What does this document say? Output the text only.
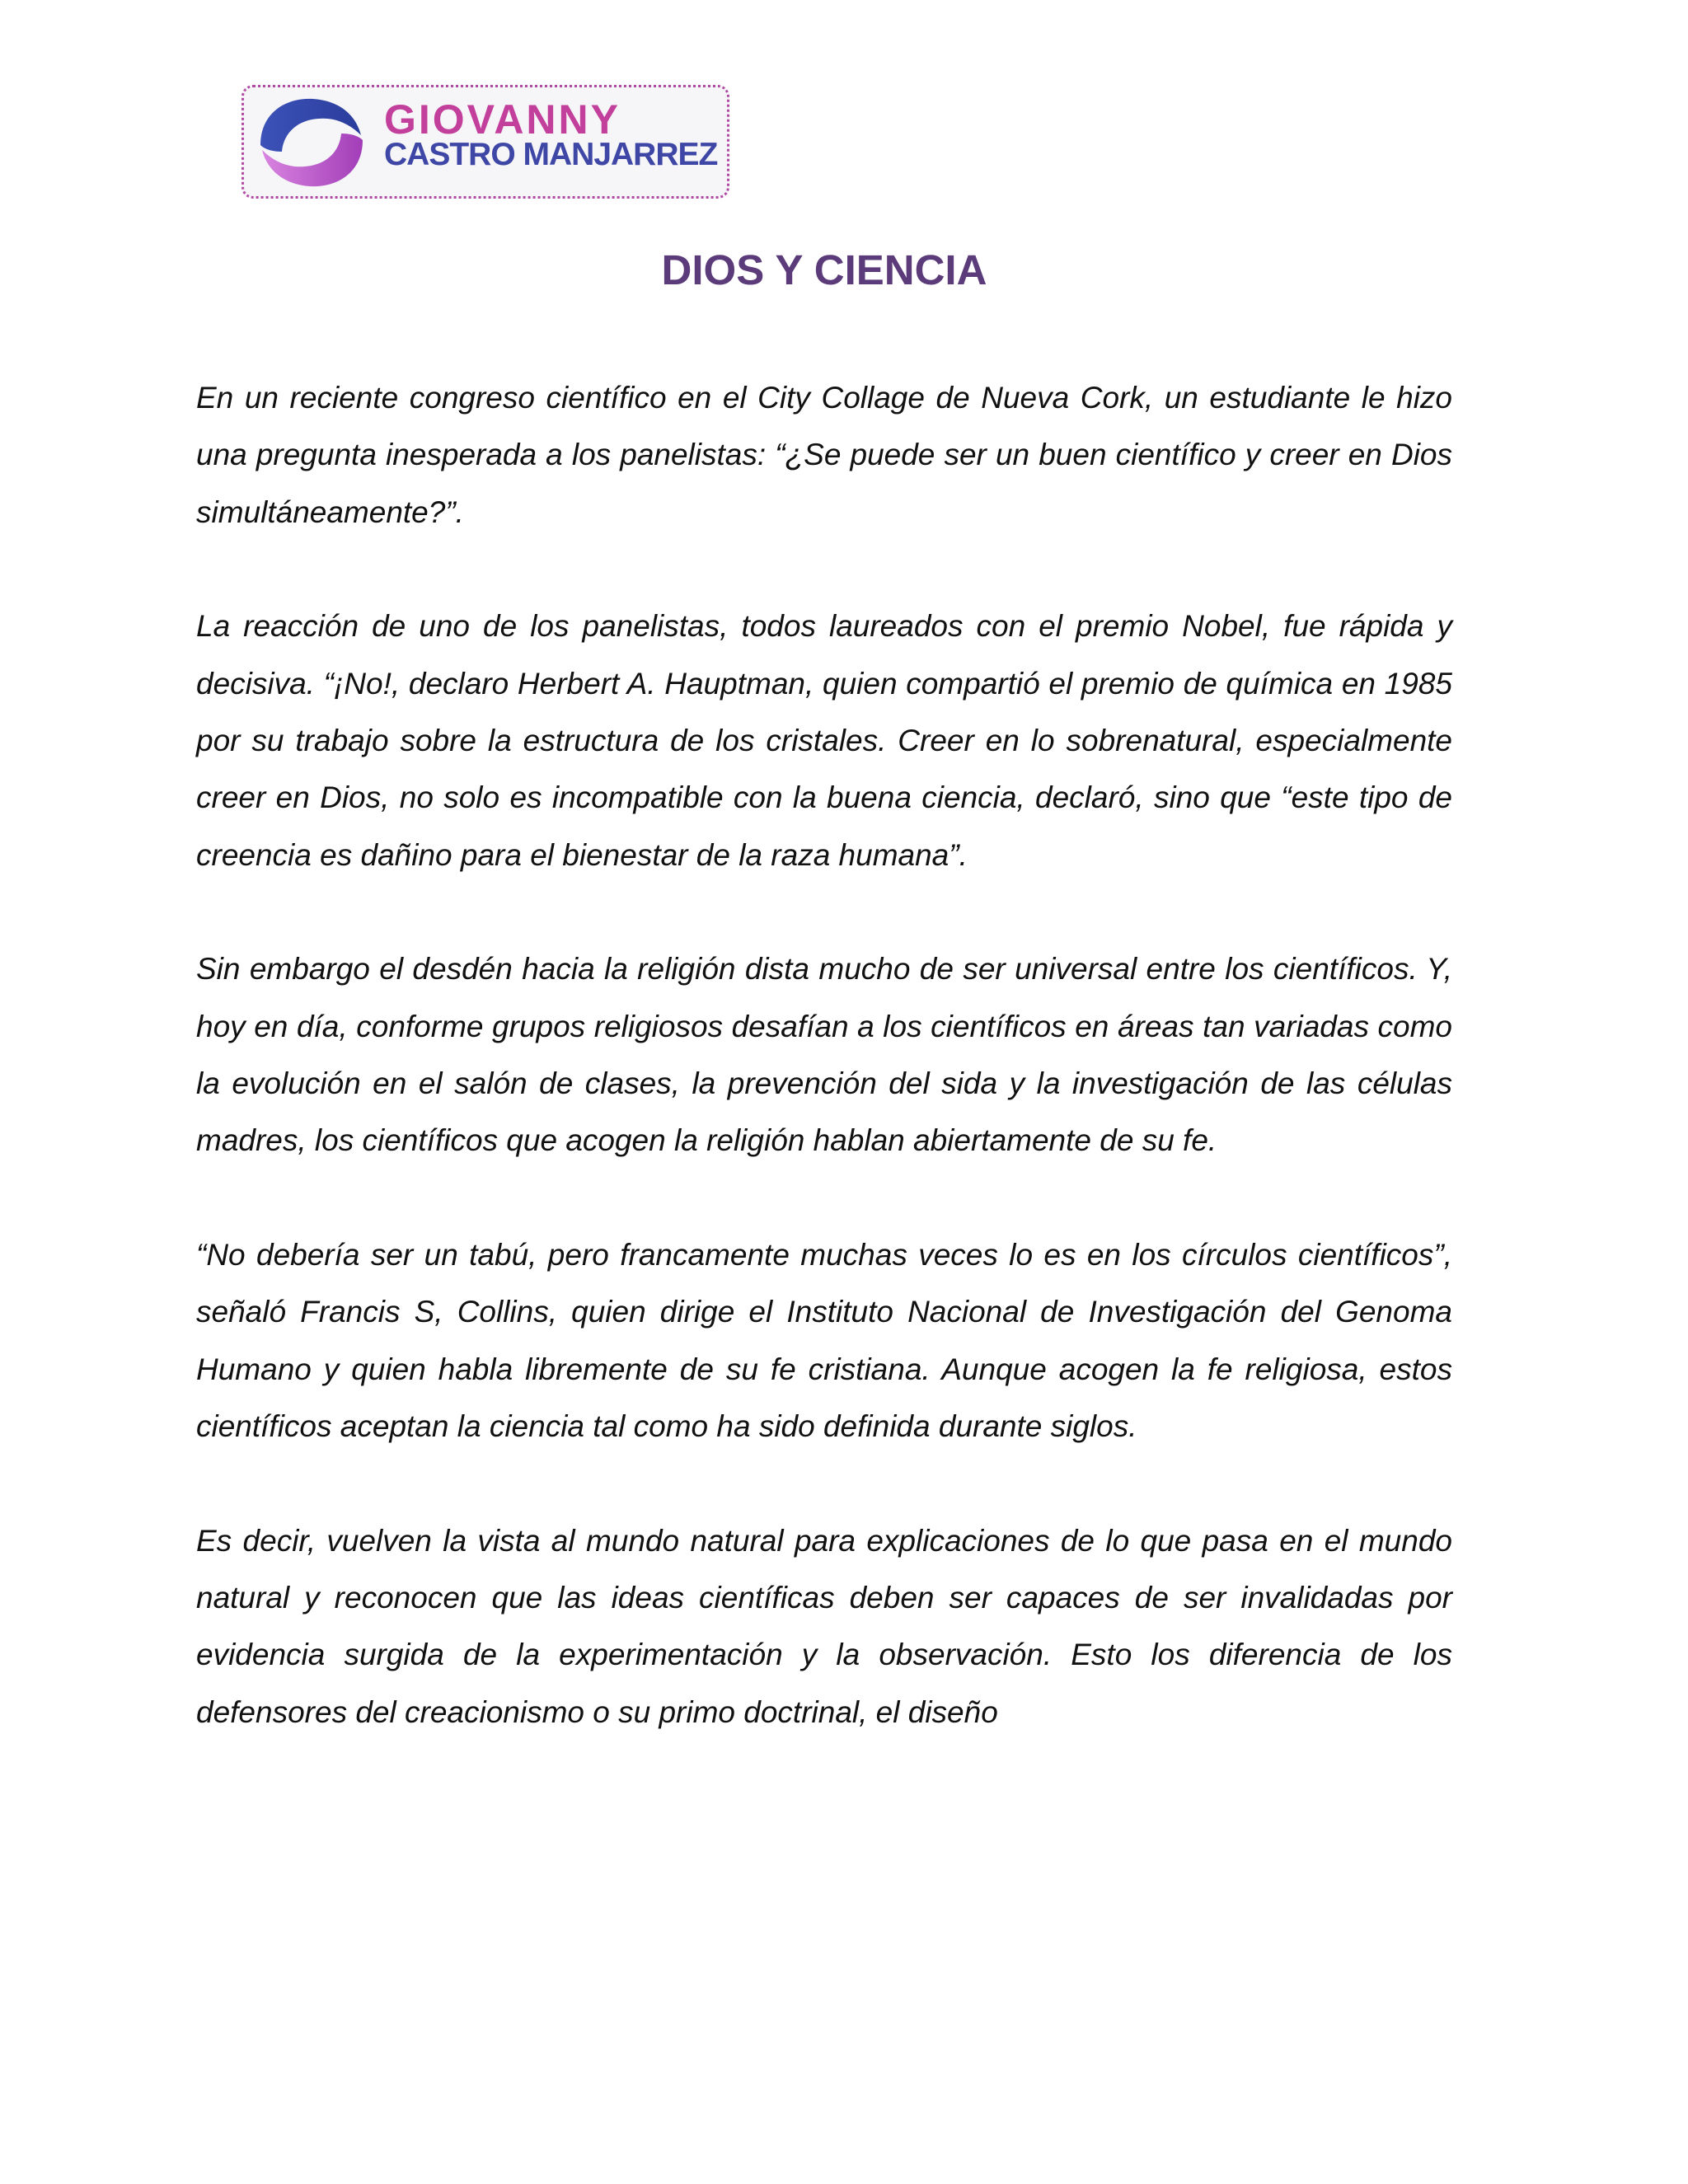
GIOVANNY
CASTRO MANJARREZ
DIOS Y CIENCIA

En un reciente congreso científico en el City Collage de Nueva Cork, un estudiante le hizo una pregunta inesperada a los panelistas: “¿Se puede ser un buen científico y creer en Dios simultáneamente?”.

La reacción de uno de los panelistas, todos laureados con el premio Nobel, fue rápida y decisiva. “¡No!, declaro Herbert A. Hauptman, quien compartió el premio de química en 1985 por su trabajo sobre la estructura de los cristales. Creer en lo sobrenatural, especialmente creer en Dios, no solo es incompatible con la buena ciencia, declaró, sino que “este tipo de creencia es dañino para el bienestar de la raza humana”.

Sin embargo el desdén hacia la religión dista mucho de ser universal entre los científicos. Y, hoy en día, conforme grupos religiosos desafían a los científicos en áreas tan variadas como la evolución en el salón de clases, la prevención del sida y la investigación de las células madres, los científicos que acogen la religión hablan abiertamente de su fe.

“No debería ser un tabú, pero francamente muchas veces lo es en los círculos científicos”, señaló Francis S, Collins, quien dirige el Instituto Nacional de Investigación del Genoma Humano y quien habla libremente de su fe cristiana. Aunque acogen la fe religiosa, estos científicos aceptan la ciencia tal como ha sido definida durante siglos.

Es decir, vuelven la vista al mundo natural para explicaciones de lo que pasa en el mundo natural y reconocen que las ideas científicas deben ser capaces de ser invalidadas por evidencia surgida de la experimentación y la observación. Esto los diferencia de los defensores del creacionismo o su primo doctrinal, el diseño
